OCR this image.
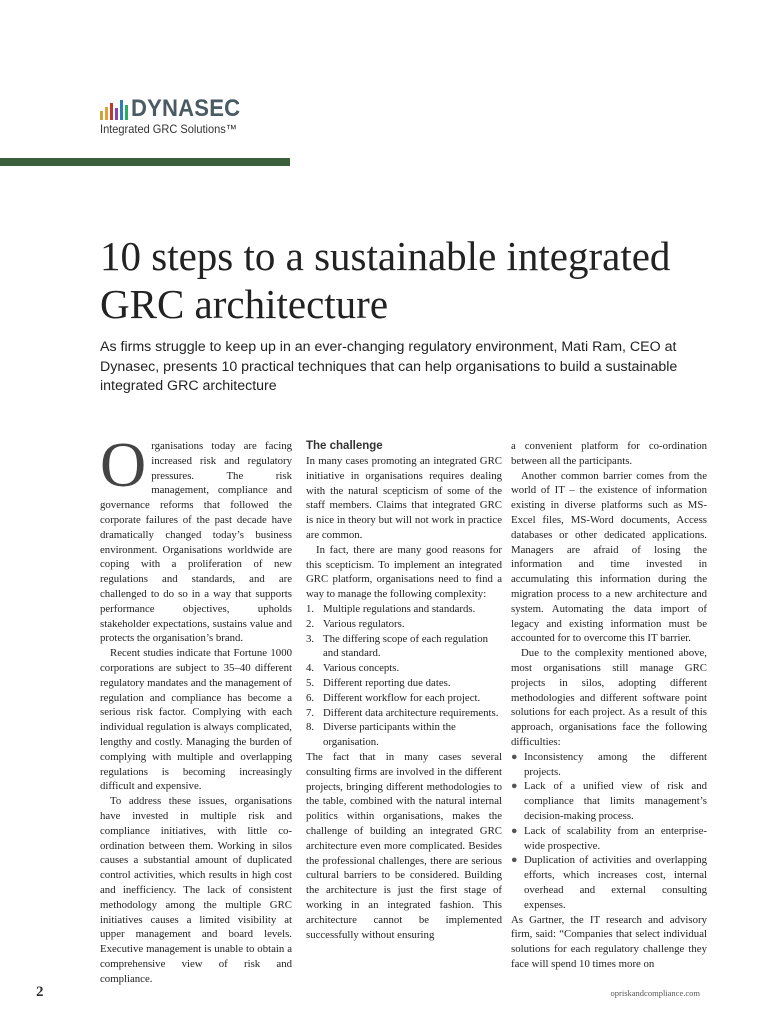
DYNASEC
Integrated GRC Solutions™
10 steps to a sustainable integrated GRC architecture

As firms struggle to keep up in an ever-changing regulatory environment, Mati Ram, CEO at Dynasec, presents 10 practical techniques that can help organisations to build a sustainable integrated GRC architecture

Organisations today are facing increased risk and regulatory pressures. The risk management, compliance and governance reforms that followed the corporate failures of the past decade have dramatically changed today’s business environment. Organisations worldwide are coping with a proliferation of new regulations and standards, and are challenged to do so in a way that supports performance objectives, upholds stakeholder expectations, sustains value and protects the organisation’s brand.

Recent studies indicate that Fortune 1000 corporations are subject to 35–40 different regulatory mandates and the management of regulation and compliance has become a serious risk factor. Complying with each individual regulation is always complicated, lengthy and costly. Managing the burden of complying with multiple and overlapping regulations is becoming increasingly difficult and expensive.

To address these issues, organisations have invested in multiple risk and compliance initiatives, with little co-ordination between them. Working in silos causes a substantial amount of duplicated control activities, which results in high cost and inefficiency. The lack of consistent methodology among the multiple GRC initiatives causes a limited visibility at upper management and board levels. Executive management is unable to obtain a comprehensive view of risk and compliance.

The challenge

In many cases promoting an integrated GRC initiative in organisations requires dealing with the natural scepticism of some of the staff members. Claims that integrated GRC is nice in theory but will not work in practice are common.

In fact, there are many good reasons for this scepticism. To implement an integrated GRC platform, organisations need to find a way to manage the following complexity:

1. Multiple regulations and standards.
2. Various regulators.
3. The differing scope of each regulation and standard.
4. Various concepts.
5. Different reporting due dates.
6. Different workflow for each project.
7. Different data architecture requirements.
8. Diverse participants within the organisation.

The fact that in many cases several consulting firms are involved in the different projects, bringing different methodologies to the table, combined with the natural internal politics within organisations, makes the challenge of building an integrated GRC architecture even more complicated. Besides the professional challenges, there are serious cultural barriers to be considered. Building the architecture is just the first stage of working in an integrated fashion. This architecture cannot be implemented successfully without ensuring

a convenient platform for co-ordination between all the participants.

Another common barrier comes from the world of IT – the existence of information existing in diverse platforms such as MS-Excel files, MS-Word documents, Access databases or other dedicated applications. Managers are afraid of losing the information and time invested in accumulating this information during the migration process to a new architecture and system. Automating the data import of legacy and existing information must be accounted for to overcome this IT barrier.

Due to the complexity mentioned above, most organisations still manage GRC projects in silos, adopting different methodologies and different software point solutions for each project. As a result of this approach, organisations face the following difficulties:

● Inconsistency among the different projects.
● Lack of a unified view of risk and compliance that limits management’s decision-making process.
● Lack of scalability from an enterprise-wide prospective.
● Duplication of activities and overlapping efforts, which increases cost, internal overhead and external consulting expenses.

As Gartner, the IT research and advisory firm, said: “Companies that select individual solutions for each regulatory challenge they face will spend 10 times more on

2	opriskandcompliance.com
